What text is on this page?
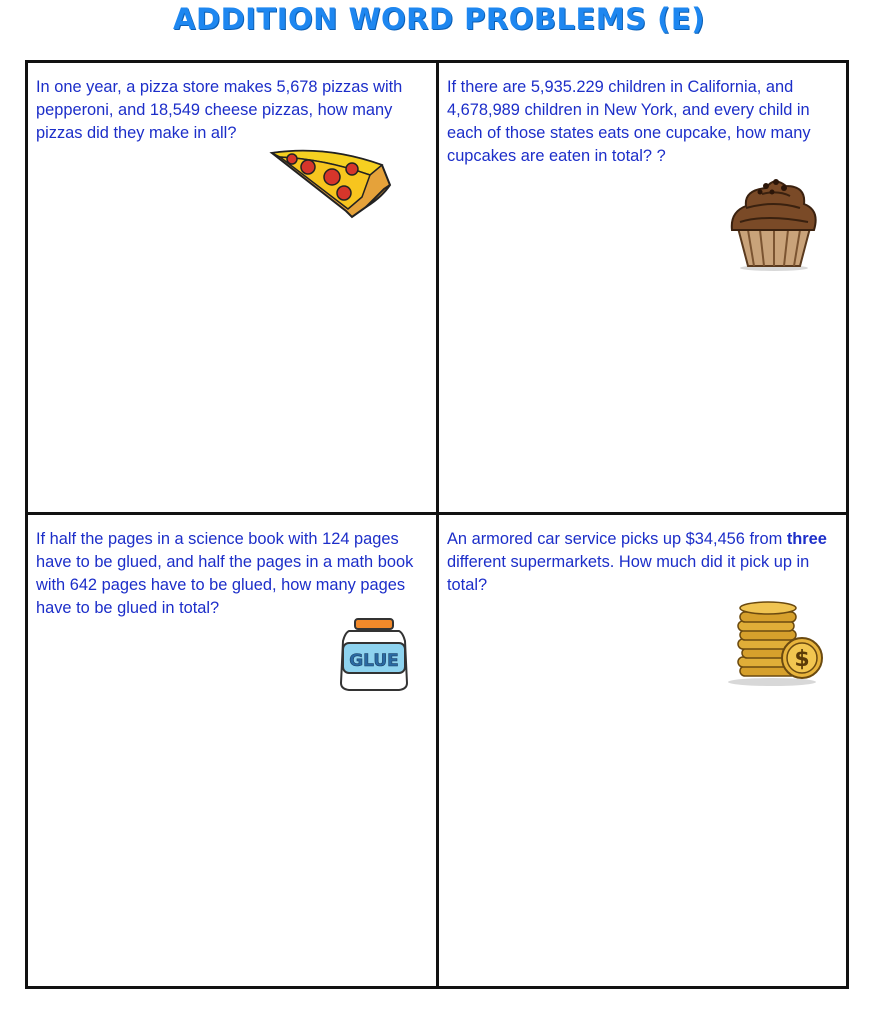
ADDITION WORD PROBLEMS (E)

In one year, a pizza store makes 5,678 pizzas with pepperoni, and 18,549 cheese pizzas, how many pizzas did they make in all?

If there are 5,935.229 children in California, and 4,678,989 children in New York, and every child in each of those states eats one cupcake, how many cupcakes are eaten in total? ?

If half the pages in a science book with 124 pages have to be glued, and half the pages in a math book with 642 pages have to be glued, how many pages have to be glued in total?

GLUE

An armored car service picks up $34,456 from three different supermarkets. How much did it pick up in total?

$
